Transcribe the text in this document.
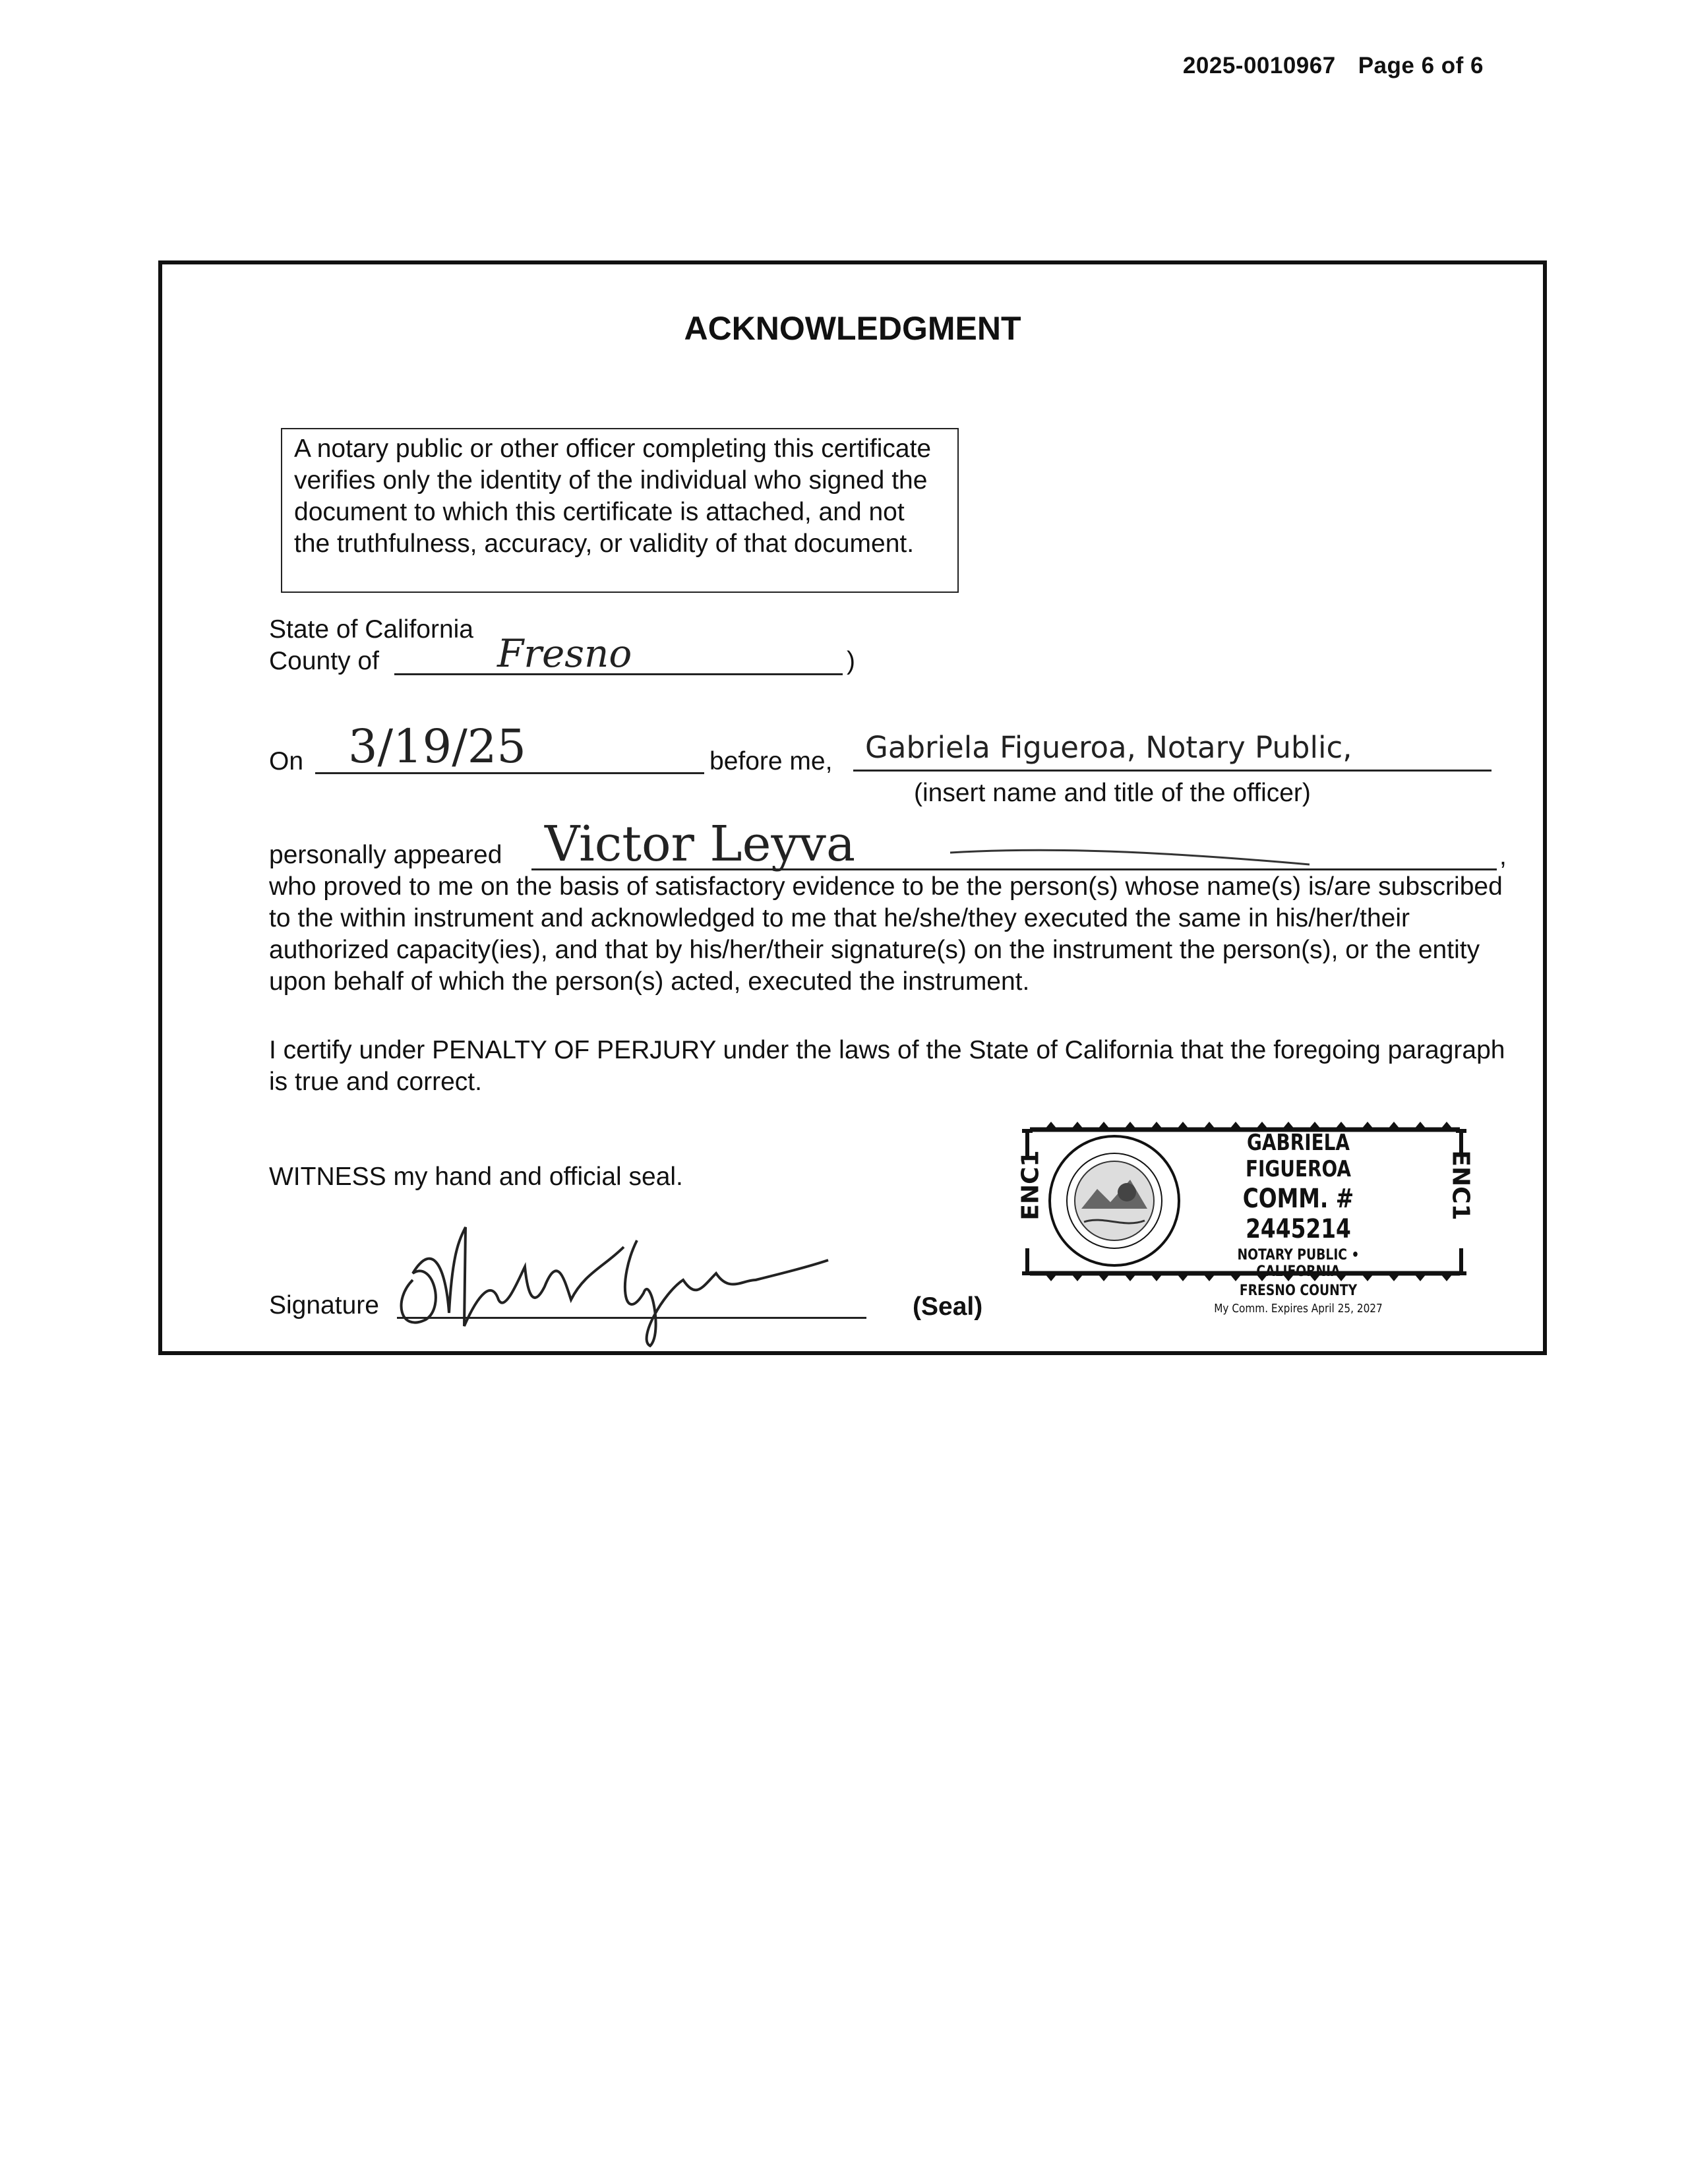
2025-0010967 Page 6 of 6
ACKNOWLEDGMENT
A notary public or other officer completing this certificate verifies only the identity of the individual who signed the document to which this certificate is attached, and not the truthfulness, accuracy, or validity of that document.
State of California
County of	Fresno	)
On 3/19/25	before me, Gabriela Figueroa, Notary Public,
(insert name and title of the officer)
personally appeared Victor Leyva	,
who proved to me on the basis of satisfactory evidence to be the person(s) whose name(s) is/are subscribed to the within instrument and acknowledged to me that he/she/they executed the same in his/her/their authorized capacity(ies), and that by his/her/their signature(s) on the instrument the person(s), or the entity upon behalf of which the person(s) acted, executed the instrument.
I certify under PENALTY OF PERJURY under the laws of the State of California that the foregoing paragraph is true and correct.
WITNESS my hand and official seal.
Signature	(Seal)
ENC1	ENC1
GABRIELA FIGUEROA
COMM. # 2445214
NOTARY PUBLIC • CALIFORNIA
FRESNO COUNTY
My Comm. Expires April 25, 2027
